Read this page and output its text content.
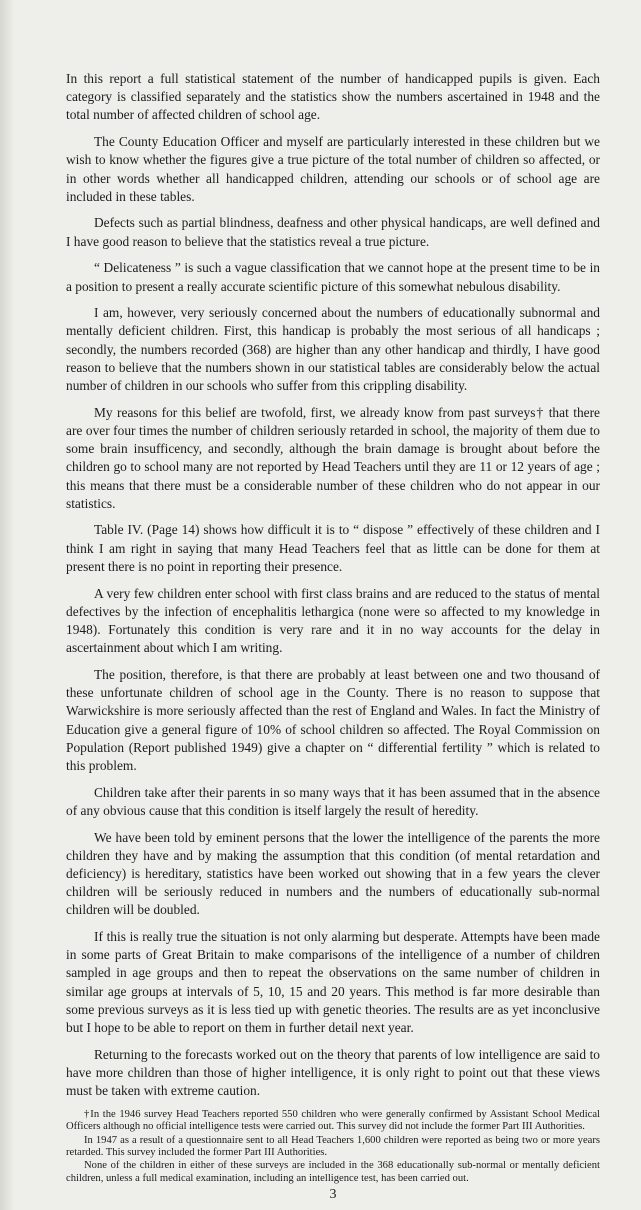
In this report a full statistical statement of the number of handicapped pupils is given. Each category is classified separately and the statistics show the numbers ascertained in 1948 and the total number of affected children of school age.

The County Education Officer and myself are particularly interested in these children but we wish to know whether the figures give a true picture of the total number of children so affected, or in other words whether all handicapped children, attending our schools or of school age are included in these tables.

Defects such as partial blindness, deafness and other physical handicaps, are well defined and I have good reason to believe that the statistics reveal a true picture.

“ Delicateness ” is such a vague classification that we cannot hope at the present time to be in a position to present a really accurate scientific picture of this somewhat nebulous disability.

I am, however, very seriously concerned about the numbers of educationally subnormal and mentally deficient children. First, this handicap is probably the most serious of all handicaps ; secondly, the numbers recorded (368) are higher than any other handicap and thirdly, I have good reason to believe that the numbers shown in our statistical tables are considerably below the actual number of children in our schools who suffer from this crippling disability.

My reasons for this belief are twofold, first, we already know from past surveys† that there are over four times the number of children seriously retarded in school, the majority of them due to some brain insufficency, and secondly, although the brain damage is brought about before the children go to school many are not reported by Head Teachers until they are 11 or 12 years of age ; this means that there must be a considerable number of these children who do not appear in our statistics.

Table IV. (Page 14) shows how difficult it is to “ dispose ” effectively of these children and I think I am right in saying that many Head Teachers feel that as little can be done for them at present there is no point in reporting their presence.

A very few children enter school with first class brains and are reduced to the status of mental defectives by the infection of encephalitis lethargica (none were so affected to my knowledge in 1948). Fortunately this condition is very rare and it in no way accounts for the delay in ascertainment about which I am writing.

The position, therefore, is that there are probably at least between one and two thousand of these unfortunate children of school age in the County. There is no reason to suppose that Warwickshire is more seriously affected than the rest of England and Wales. In fact the Ministry of Education give a general figure of 10% of school children so affected. The Royal Commission on Population (Report published 1949) give a chapter on “ differential fertility ” which is related to this problem.

Children take after their parents in so many ways that it has been assumed that in the absence of any obvious cause that this condition is itself largely the result of heredity.

We have been told by eminent persons that the lower the intelligence of the parents the more children they have and by making the assumption that this condition (of mental retardation and deficiency) is hereditary, statistics have been worked out showing that in a few years the clever children will be seriously reduced in numbers and the numbers of educationally sub-normal children will be doubled.

If this is really true the situation is not only alarming but desperate. Attempts have been made in some parts of Great Britain to make comparisons of the intelligence of a number of children sampled in age groups and then to repeat the observations on the same number of children in similar age groups at intervals of 5, 10, 15 and 20 years. This method is far more desirable than some previous surveys as it is less tied up with genetic theories. The results are as yet inconclusive but I hope to be able to report on them in further detail next year.

Returning to the forecasts worked out on the theory that parents of low intelligence are said to have more children than those of higher intelligence, it is only right to point out that these views must be taken with extreme caution.

†In the 1946 survey Head Teachers reported 550 children who were generally confirmed by Assistant School Medical Officers although no official intelligence tests were carried out. This survey did not include the former Part III Authorities.

In 1947 as a result of a questionnaire sent to all Head Teachers 1,600 children were reported as being two or more years retarded. This survey included the former Part III Authorities.

None of the children in either of these surveys are included in the 368 educationally sub-normal or mentally deficient children, unless a full medical examination, including an intelligence test, has been carried out.

3
